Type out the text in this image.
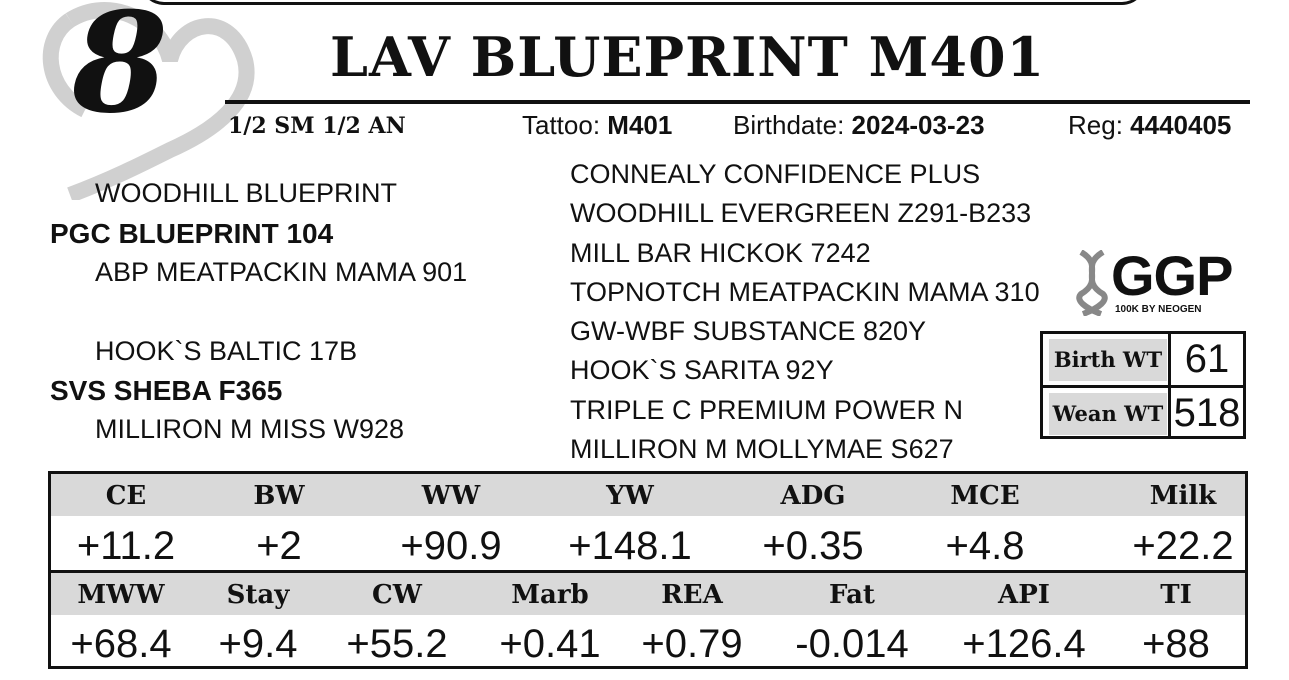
8	LAV BLUEPRINT M401
1/2 SM 1/2 AN	Tattoo: M401 Birthdate: 2024-03-23	Reg: 4440405
WOODHILL BLUEPRINT
PGC BLUEPRINT 104
ABP MEATPACKIN MAMA 901
HOOK`S BALTIC 17B
SVS SHEBA F365
MILLIRON M MISS W928
CONNEALY CONFIDENCE PLUS
WOODHILL EVERGREEN Z291-B233
MILL BAR HICKOK 7242
TOPNOTCH MEATPACKIN MAMA 310
GW-WBF SUBSTANCE 820Y
HOOK`S SARITA 92Y
TRIPLE C PREMIUM POWER N
MILLIRON M MOLLYMAE S627
GGP
100K BY NEOGEN
Birth WT 61
Wean WT 518
CE	BW	WW	YW	ADG	MCE	Milk
+11.2	+2	+90.9	+148.1	+0.35	+4.8	+22.2
MWW	Stay	CW	Marb	REA	Fat	API	TI
+68.4	+9.4	+55.2	+0.41	+0.79	-0.014	+126.4	+88
